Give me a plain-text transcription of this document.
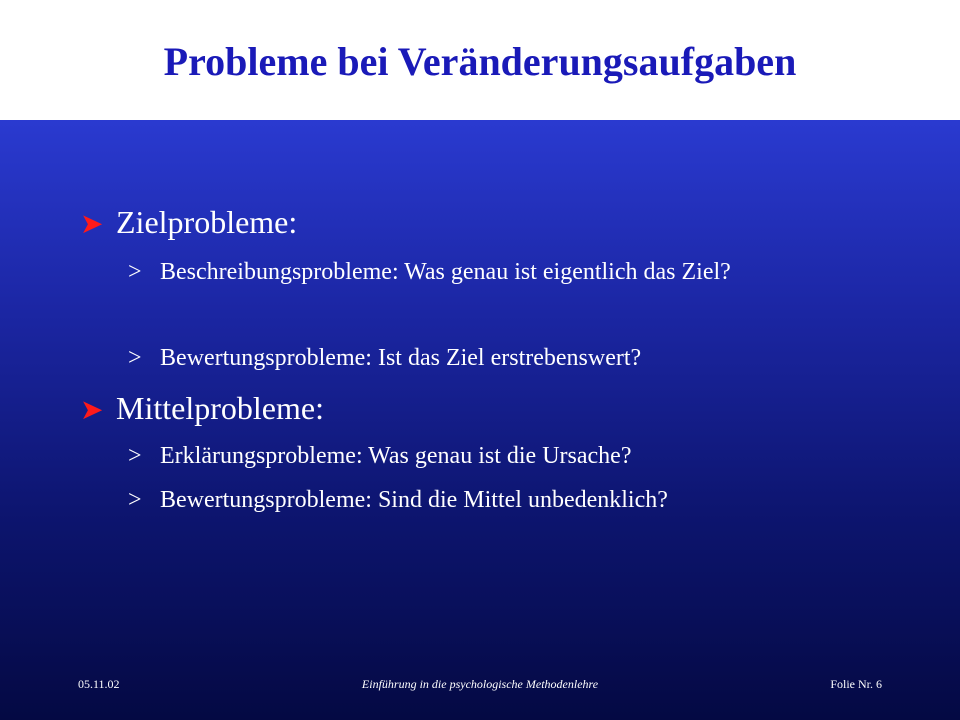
Probleme bei Veränderungsaufgaben
➤ Zielprobleme:
> Beschreibungsprobleme: Was genau ist eigentlich das Ziel?
> Bewertungsprobleme: Ist das Ziel erstrebenswert?
➤ Mittelprobleme:
> Erklärungsprobleme: Was genau ist die Ursache?
> Bewertungsprobleme: Sind die Mittel unbedenklich?
05.11.02	Einführung in die psychologische Methodenlehre	Folie Nr. 6
